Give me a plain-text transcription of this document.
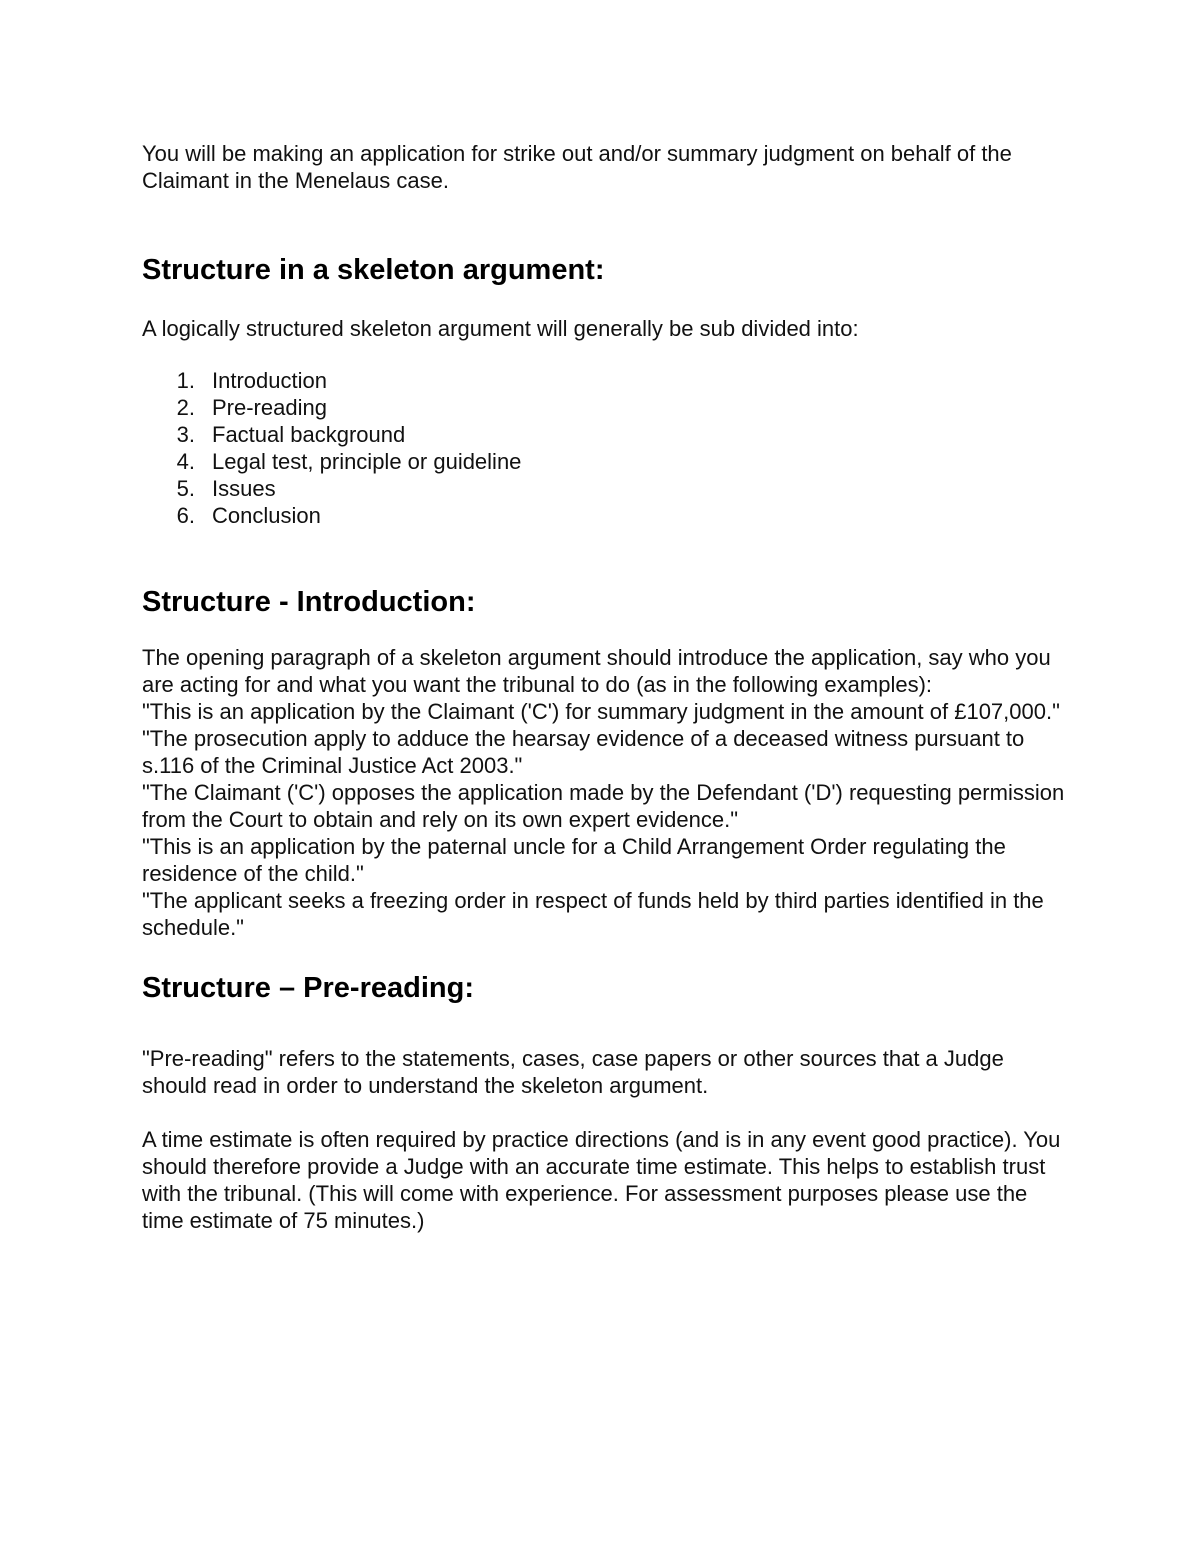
You will be making an application for strike out and/or summary judgment on behalf of the Claimant in the Menelaus case.

Structure in a skeleton argument:

A logically structured skeleton argument will generally be sub divided into:

1. Introduction
2. Pre-reading
3. Factual background
4. Legal test, principle or guideline
5. Issues
6. Conclusion
Structure - Introduction:

The opening paragraph of a skeleton argument should introduce the application, say who you are acting for and what you want the tribunal to do (as in the following examples):

"This is an application by the Claimant ('C') for summary judgment in the amount of £107,000."

"The prosecution apply to adduce the hearsay evidence of a deceased witness pursuant to s.116 of the Criminal Justice Act 2003."

"The Claimant ('C') opposes the application made by the Defendant ('D') requesting permission from the Court to obtain and rely on its own expert evidence."

"This is an application by the paternal uncle for a Child Arrangement Order regulating the residence of the child."

"The applicant seeks a freezing order in respect of funds held by third parties identified in the schedule."

Structure – Pre-reading:

"Pre-reading" refers to the statements, cases, case papers or other sources that a Judge should read in order to understand the skeleton argument.

A time estimate is often required by practice directions (and is in any event good practice). You should therefore provide a Judge with an accurate time estimate. This helps to establish trust with the tribunal. (This will come with experience. For assessment purposes please use the time estimate of 75 minutes.)
